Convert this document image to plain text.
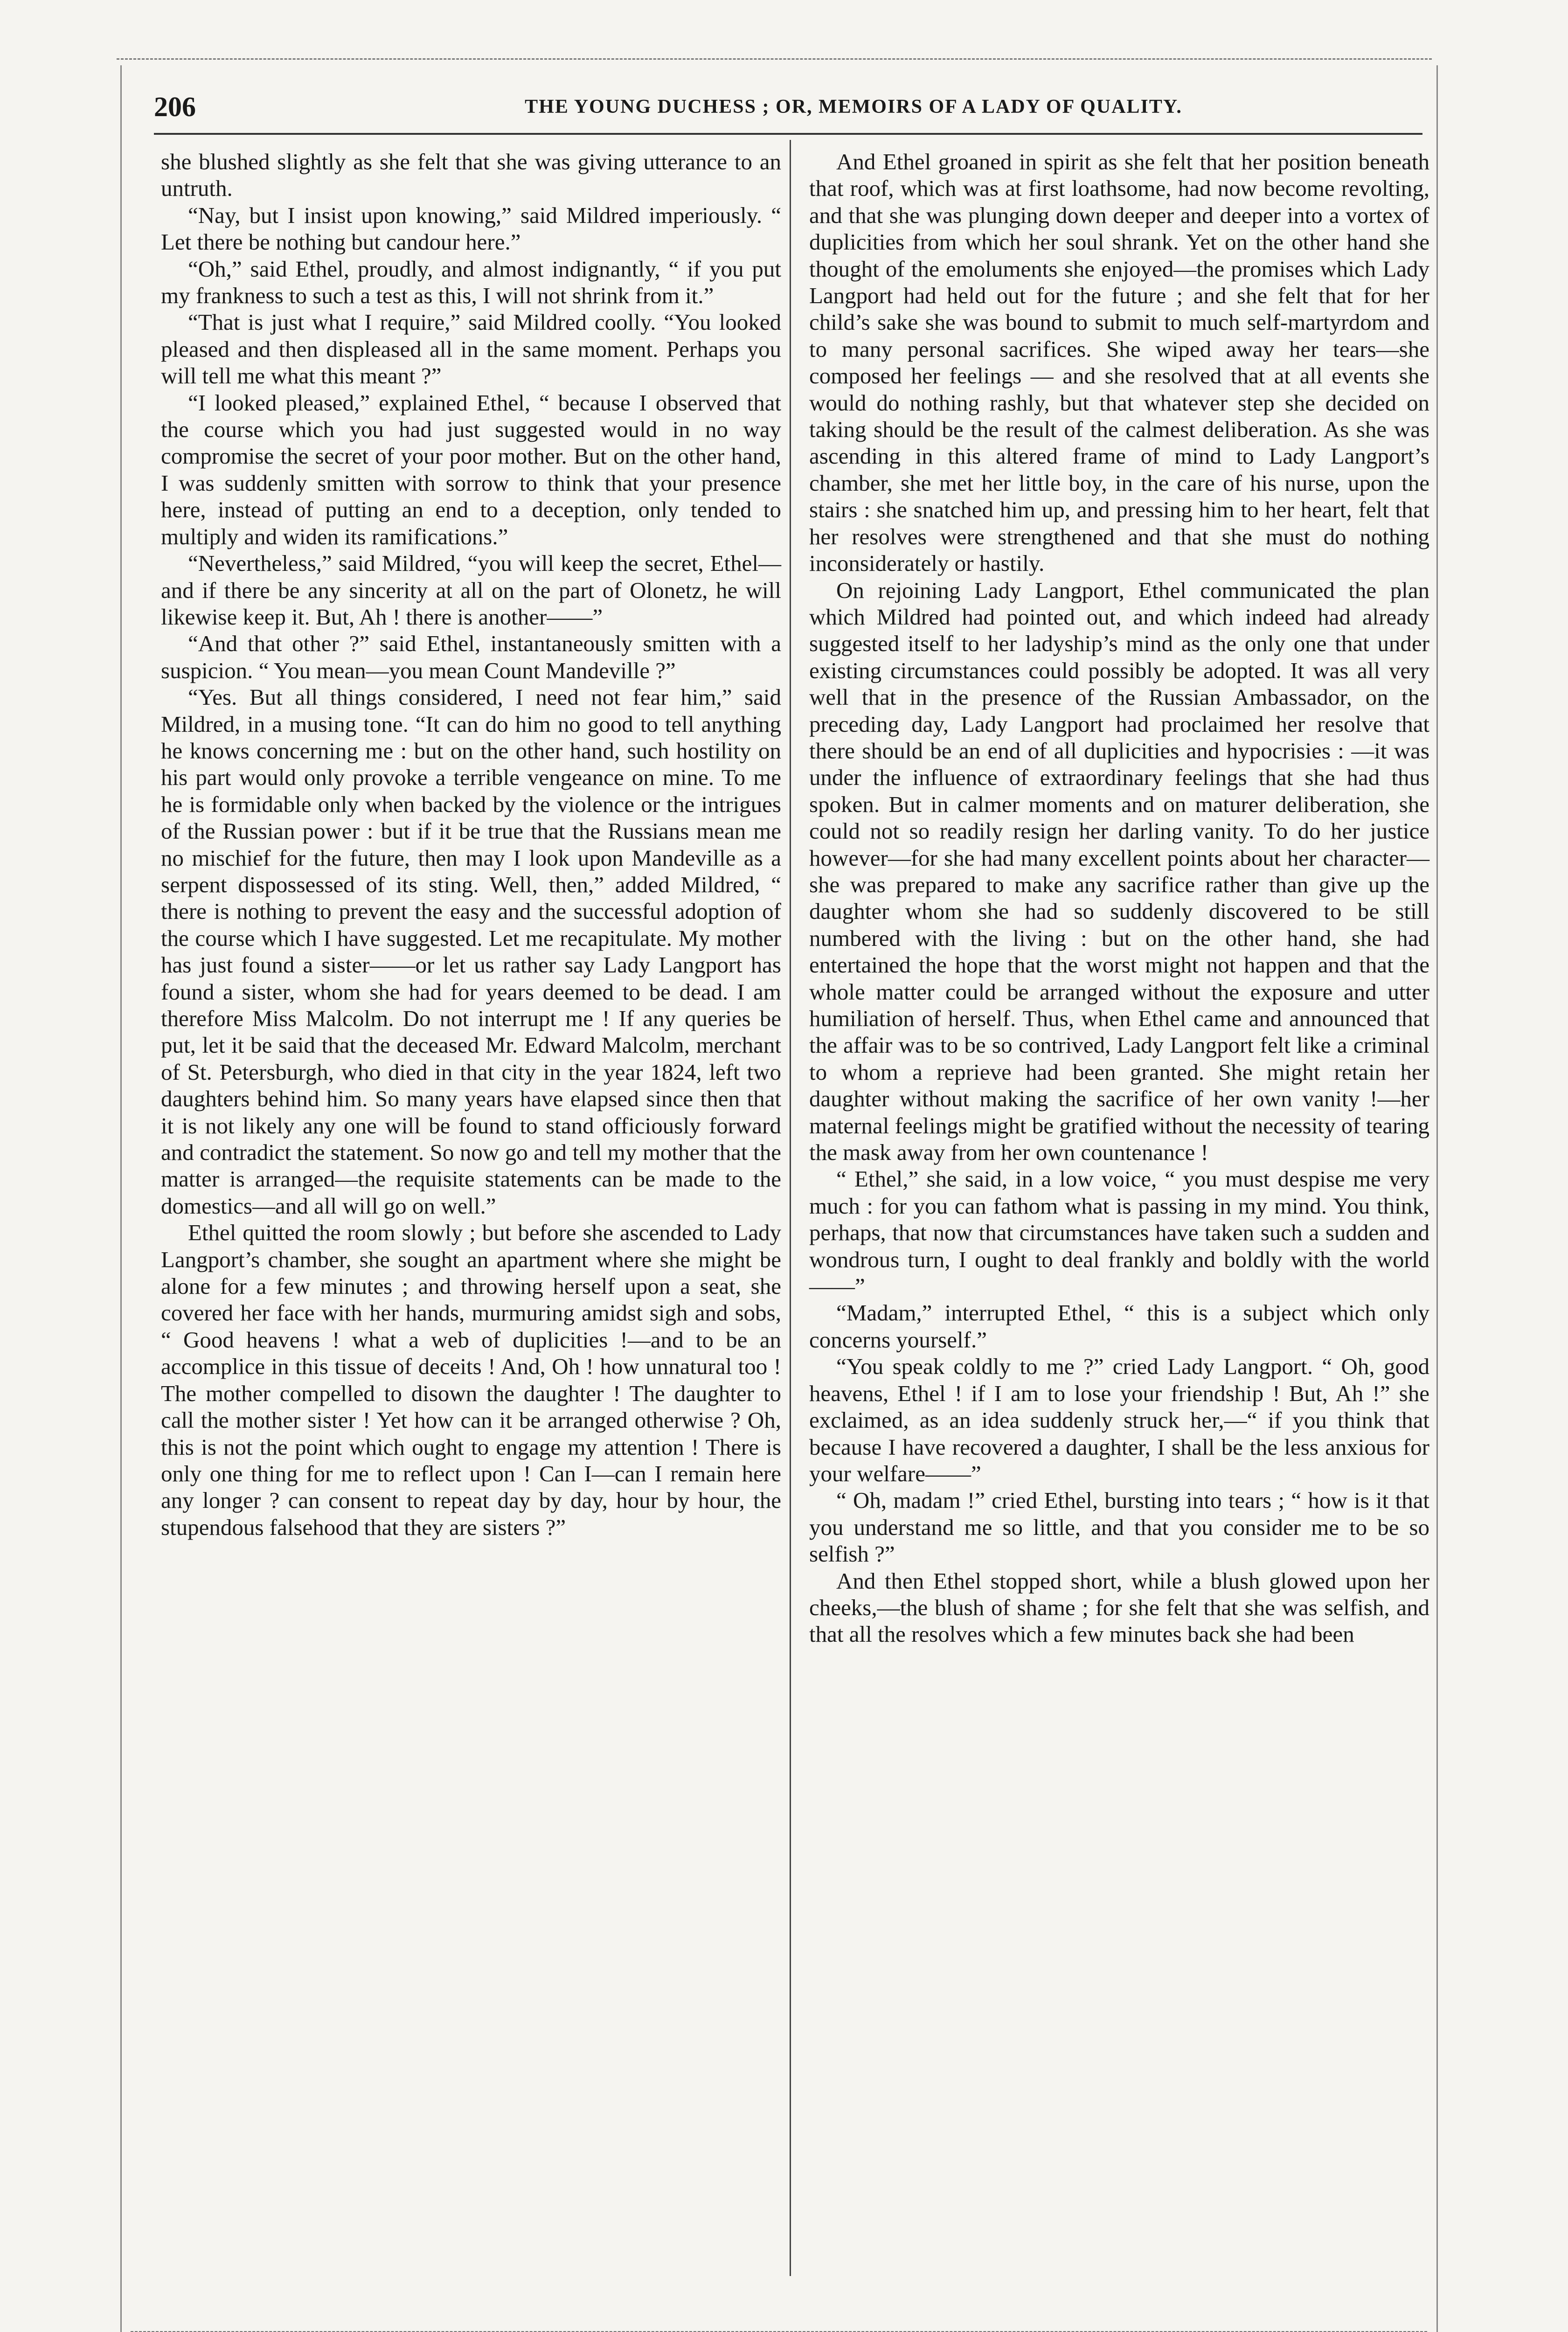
206	THE YOUNG DUCHESS ; OR, MEMOIRS OF A LADY OF QUALITY.

she blushed slightly as she felt that she was giving utterance to an untruth.

“Nay, but I insist upon knowing,” said Mildred imperiously. “ Let there be nothing but candour here.”

“Oh,” said Ethel, proudly, and almost indignantly, “ if you put my frankness to such a test as this, I will not shrink from it.”

“That is just what I require,” said Mildred coolly. “You looked pleased and then displeased all in the same moment. Perhaps you will tell me what this meant ?”

“I looked pleased,” explained Ethel, “ because I observed that the course which you had just suggested would in no way compromise the secret of your poor mother. But on the other hand, I was suddenly smitten with sorrow to think that your presence here, instead of putting an end to a deception, only tended to multiply and widen its ramifications.”

“Nevertheless,” said Mildred, “you will keep the secret, Ethel—and if there be any sincerity at all on the part of Olonetz, he will likewise keep it. But, Ah ! there is another——”

“And that other ?” said Ethel, instantaneously smitten with a suspicion. “ You mean—you mean Count Mandeville ?”

“Yes. But all things considered, I need not fear him,” said Mildred, in a musing tone. “It can do him no good to tell anything he knows concerning me : but on the other hand, such hostility on his part would only provoke a terrible vengeance on mine. To me he is formidable only when backed by the violence or the intrigues of the Russian power : but if it be true that the Russians mean me no mischief for the future, then may I look upon Mandeville as a serpent dispossessed of its sting. Well, then,” added Mildred, “ there is nothing to prevent the easy and the successful adoption of the course which I have suggested. Let me recapitulate. My mother has just found a sister——or let us rather say Lady Langport has found a sister, whom she had for years deemed to be dead. I am therefore Miss Malcolm. Do not interrupt me ! If any queries be put, let it be said that the deceased Mr. Edward Malcolm, merchant of St. Petersburgh, who died in that city in the year 1824, left two daughters behind him. So many years have elapsed since then that it is not likely any one will be found to stand officiously forward and contradict the statement. So now go and tell my mother that the matter is arranged—the requisite statements can be made to the domestics—and all will go on well.”

Ethel quitted the room slowly ; but before she ascended to Lady Langport’s chamber, she sought an apartment where she might be alone for a few minutes ; and throwing herself upon a seat, she covered her face with her hands, murmuring amidst sigh and sobs, “ Good heavens ! what a web of duplicities !—and to be an accomplice in this tissue of deceits ! And, Oh ! how unnatural too ! The mother compelled to disown the daughter ! The daughter to call the mother sister ! Yet how can it be arranged otherwise ? Oh, this is not the point which ought to engage my attention ! There is only one thing for me to reflect upon ! Can I—can I remain here any longer ? can consent to repeat day by day, hour by hour, the stupendous falsehood that they are sisters ?”

And Ethel groaned in spirit as she felt that her position beneath that roof, which was at first loathsome, had now become revolting, and that she was plunging down deeper and deeper into a vortex of duplicities from which her soul shrank. Yet on the other hand she thought of the emoluments she enjoyed—the promises which Lady Langport had held out for the future ; and she felt that for her child’s sake she was bound to submit to much self-martyrdom and to many personal sacrifices. She wiped away her tears—she composed her feelings — and she resolved that at all events she would do nothing rashly, but that whatever step she decided on taking should be the result of the calmest deliberation. As she was ascending in this altered frame of mind to Lady Langport’s chamber, she met her little boy, in the care of his nurse, upon the stairs : she snatched him up, and pressing him to her heart, felt that her resolves were strengthened and that she must do nothing inconsiderately or hastily.

On rejoining Lady Langport, Ethel communicated the plan which Mildred had pointed out, and which indeed had already suggested itself to her ladyship’s mind as the only one that under existing circumstances could possibly be adopted. It was all very well that in the presence of the Russian Ambassador, on the preceding day, Lady Langport had proclaimed her resolve that there should be an end of all duplicities and hypocrisies : —it was under the influence of extraordinary feelings that she had thus spoken. But in calmer moments and on maturer deliberation, she could not so readily resign her darling vanity. To do her justice however—for she had many excellent points about her character—she was prepared to make any sacrifice rather than give up the daughter whom she had so suddenly discovered to be still numbered with the living : but on the other hand, she had entertained the hope that the worst might not happen and that the whole matter could be arranged without the exposure and utter humiliation of herself. Thus, when Ethel came and announced that the affair was to be so contrived, Lady Langport felt like a criminal to whom a reprieve had been granted. She might retain her daughter without making the sacrifice of her own vanity !—her maternal feelings might be gratified without the necessity of tearing the mask away from her own countenance !

“ Ethel,” she said, in a low voice, “ you must despise me very much : for you can fathom what is passing in my mind. You think, perhaps, that now that circumstances have taken such a sudden and wondrous turn, I ought to deal frankly and boldly with the world——”

“Madam,” interrupted Ethel, “ this is a subject which only concerns yourself.”

“You speak coldly to me ?” cried Lady Langport. “ Oh, good heavens, Ethel ! if I am to lose your friendship ! But, Ah !” she exclaimed, as an idea suddenly struck her,—“ if you think that because I have recovered a daughter, I shall be the less anxious for your welfare——”

“ Oh, madam !” cried Ethel, bursting into tears ; “ how is it that you understand me so little, and that you consider me to be so selfish ?”

And then Ethel stopped short, while a blush glowed upon her cheeks,—the blush of shame ; for she felt that she was selfish, and that all the resolves which a few minutes back she had been
